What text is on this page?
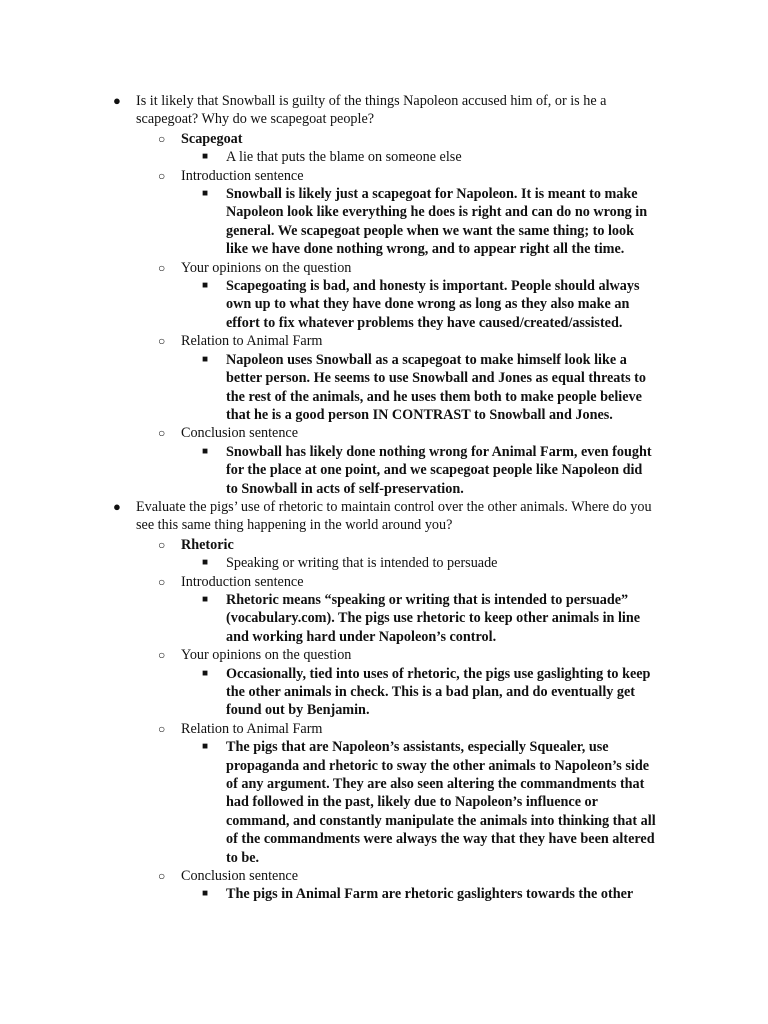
● Is it likely that Snowball is guilty of the things Napoleon accused him of, or is he a scapegoat? Why do we scapegoat people?
○ Scapegoat
■ A lie that puts the blame on someone else
○ Introduction sentence
■ Snowball is likely just a scapegoat for Napoleon. It is meant to make Napoleon look like everything he does is right and can do no wrong in general. We scapegoat people when we want the same thing; to look like we have done nothing wrong, and to appear right all the time.
○ Your opinions on the question
■ Scapegoating is bad, and honesty is important. People should always own up to what they have done wrong as long as they also make an effort to fix whatever problems they have caused/created/assisted.
○ Relation to Animal Farm
■ Napoleon uses Snowball as a scapegoat to make himself look like a better person. He seems to use Snowball and Jones as equal threats to the rest of the animals, and he uses them both to make people believe that he is a good person IN CONTRAST to Snowball and Jones.
○ Conclusion sentence
■ Snowball has likely done nothing wrong for Animal Farm, even fought for the place at one point, and we scapegoat people like Napoleon did to Snowball in acts of self-preservation.
● Evaluate the pigs’ use of rhetoric to maintain control over the other animals. Where do you see this same thing happening in the world around you?
○ Rhetoric
■ Speaking or writing that is intended to persuade
○ Introduction sentence
■ Rhetoric means “speaking or writing that is intended to persuade” (vocabulary.com). The pigs use rhetoric to keep other animals in line and working hard under Napoleon’s control.
○ Your opinions on the question
■ Occasionally, tied into uses of rhetoric, the pigs use gaslighting to keep the other animals in check. This is a bad plan, and do eventually get found out by Benjamin.
○ Relation to Animal Farm
■ The pigs that are Napoleon’s assistants, especially Squealer, use propaganda and rhetoric to sway the other animals to Napoleon’s side of any argument. They are also seen altering the commandments that had followed in the past, likely due to Napoleon’s influence or command, and constantly manipulate the animals into thinking that all of the commandments were always the way that they have been altered to be.
○ Conclusion sentence
■ The pigs in Animal Farm are rhetoric gaslighters towards the other
